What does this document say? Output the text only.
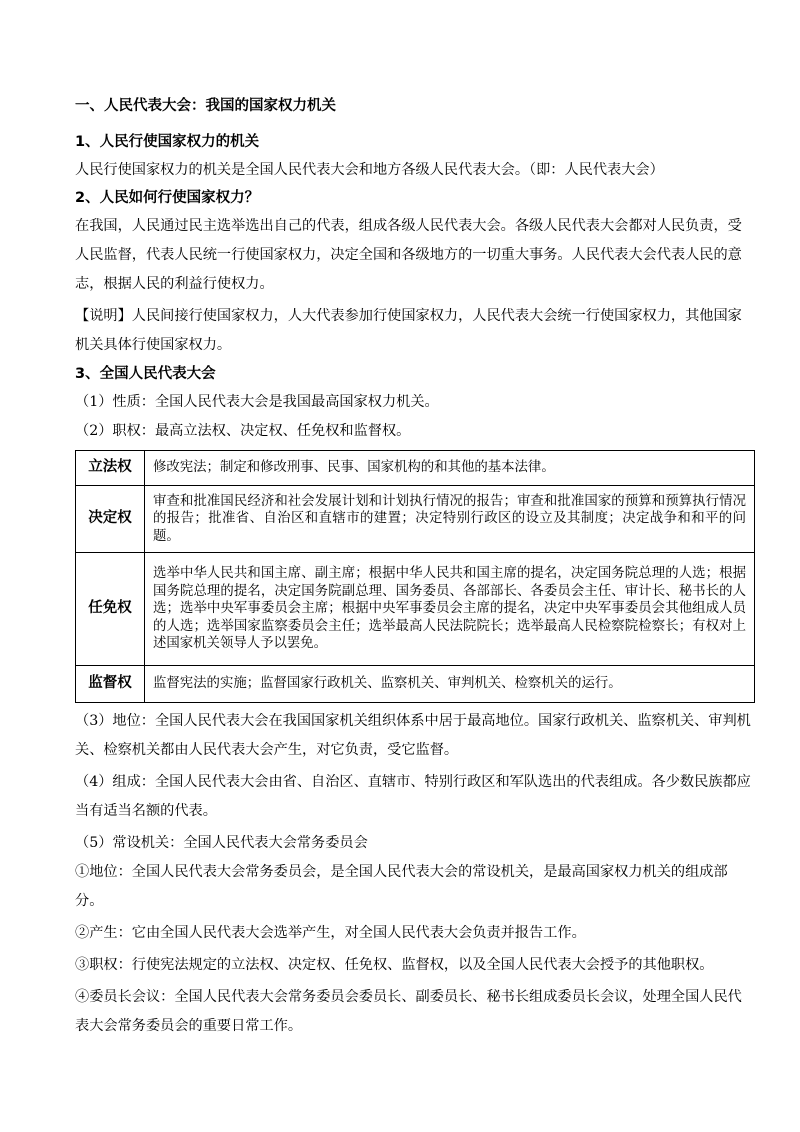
一、人民代表大会：我国的国家权力机关
1、人民行使国家权力的机关
人民行使国家权力的机关是全国人民代表大会和地方各级人民代表大会。（即：人民代表大会）
2、人民如何行使国家权力？
在我国，人民通过民主选举选出自己的代表，组成各级人民代表大会。各级人民代表大会都对人民负责，受人民监督，代表人民统一行使国家权力，决定全国和各级地方的一切重大事务。人民代表大会代表人民的意志，根据人民的利益行使权力。
【说明】人民间接行使国家权力，人大代表参加行使国家权力，人民代表大会统一行使国家权力，其他国家机关具体行使国家权力。
3、全国人民代表大会
（1）性质：全国人民代表大会是我国最高国家权力机关。
（2）职权：最高立法权、决定权、任免权和监督权。
立法权	修改宪法；制定和修改刑事、民事、国家机构的和其他的基本法律。
决定权	审查和批准国民经济和社会发展计划和计划执行情况的报告；审查和批准国家的预算和预算执行情况的报告；批准省、自治区和直辖市的建置；决定特别行政区的设立及其制度；决定战争和和平的问题。
任免权	选举中华人民共和国主席、副主席；根据中华人民共和国主席的提名，决定国务院总理的人选；根据国务院总理的提名，决定国务院副总理、国务委员、各部部长、各委员会主任、审计长、秘书长的人选；选举中央军事委员会主席；根据中央军事委员会主席的提名，决定中央军事委员会其他组成人员的人选；选举国家监察委员会主任；选举最高人民法院院长；选举最高人民检察院检察长；有权对上述国家机关领导人予以罢免。
监督权	监督宪法的实施；监督国家行政机关、监察机关、审判机关、检察机关的运行。
（3）地位：全国人民代表大会在我国国家机关组织体系中居于最高地位。国家行政机关、监察机关、审判机关、检察机关都由人民代表大会产生，对它负责，受它监督。
（4）组成：全国人民代表大会由省、自治区、直辖市、特别行政区和军队选出的代表组成。各少数民族都应当有适当名额的代表。
（5）常设机关：全国人民代表大会常务委员会
①地位：全国人民代表大会常务委员会，是全国人民代表大会的常设机关，是最高国家权力机关的组成部分。
②产生：它由全国人民代表大会选举产生，对全国人民代表大会负责并报告工作。
③职权：行使宪法规定的立法权、决定权、任免权、监督权，以及全国人民代表大会授予的其他职权。
④委员长会议：全国人民代表大会常务委员会委员长、副委员长、秘书长组成委员长会议，处理全国人民代表大会常务委员会的重要日常工作。
